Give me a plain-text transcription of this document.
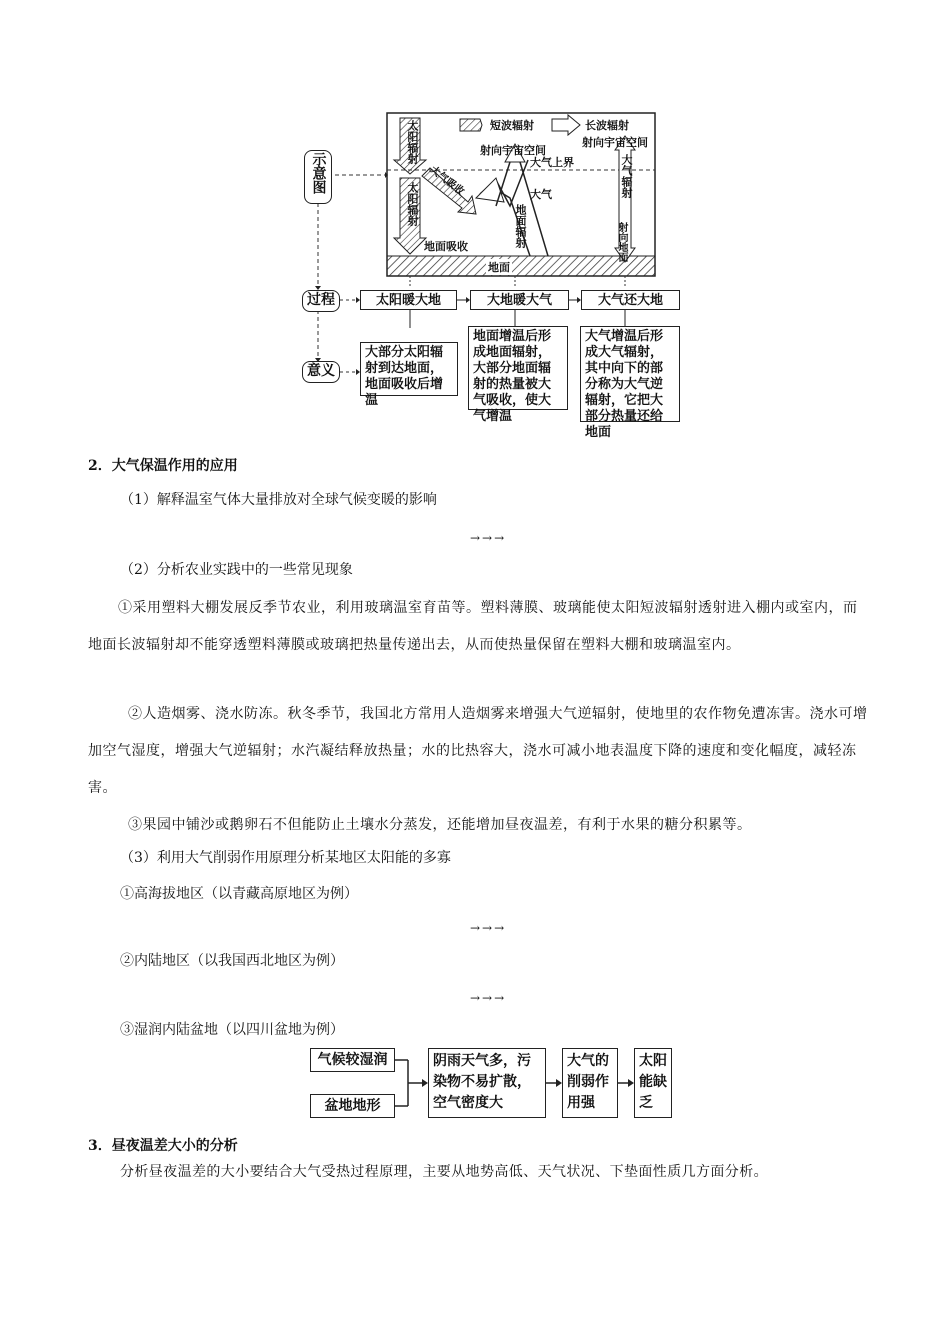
短波辐射	长波辐射
射向宇宙空间
射向宇宙空间
大气上界
大气
大气吸收
地面吸收
地面
太阳辐射
太阳辐射	地面辐射
大气辐射
射向地面
示意图
过程
意义
太阳暖大地	大地暖大气	大气还大地
大部分太阳辐射到达地面，地面吸收后增温
地面增温后形成地面辐射，大部分地面辐射的热量被大气吸收，使大气增温
大气增温后形成大气辐射，其中向下的部分称为大气逆辐射，它把大部分热量还给地面
2．大气保温作用的应用
（1）解释温室气体大量排放对全球气候变暖的影响
→→→
（2）分析农业实践中的一些常见现象
①采用塑料大棚发展反季节农业，利用玻璃温室育苗等。塑料薄膜、玻璃能使太阳短波辐射透射进入棚内或室内，而地面长波辐射却不能穿透塑料薄膜或玻璃把热量传递出去，从而使热量保留在塑料大棚和玻璃温室内。
②人造烟雾、浇水防冻。秋冬季节，我国北方常用人造烟雾来增强大气逆辐射，使地里的农作物免遭冻害。浇水可增加空气湿度，增强大气逆辐射；水汽凝结释放热量；水的比热容大，浇水可减小地表温度下降的速度和变化幅度，减轻冻害。
③果园中铺沙或鹅卵石不但能防止土壤水分蒸发，还能增加昼夜温差，有利于水果的糖分积累等。
（3）利用大气削弱作用原理分析某地区太阳能的多寡
①高海拔地区（以青藏高原地区为例）
→→→
②内陆地区（以我国西北地区为例）
→→→
③湿润内陆盆地（以四川盆地为例）
气候较湿润
盆地地形
阴雨天气多，污染物不易扩散，空气密度大
大气的削弱作用强
太阳能缺乏
3．昼夜温差大小的分析
分析昼夜温差的大小要结合大气受热过程原理，主要从地势高低、天气状况、下垫面性质几方面分析。
